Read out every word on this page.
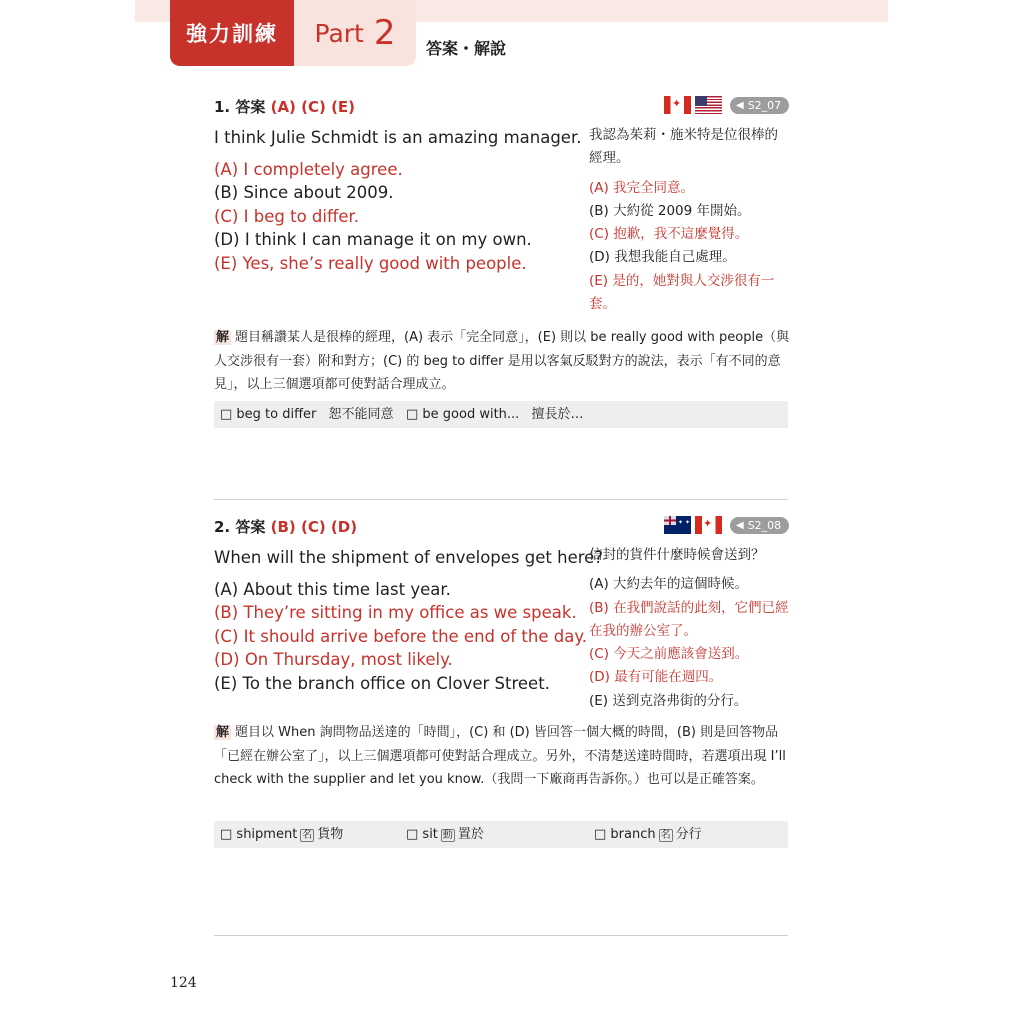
強力訓練 Part 2 答案・解說
1. 答案 (A) (C) (E) ✦	◀ S2_07
I think Julie Schmidt is an amazing manager.
(A) I completely agree.
(B) Since about 2009.
(C) I beg to differ.
(D) I think I can manage it on my own.
(E) Yes, she’s really good with people.
我認為茱莉・施米特是位很棒的經理。
(A) 我完全同意。
(B) 大約從 2009 年開始。
(C) 抱歉，我不這麼覺得。
(D) 我想我能自己處理。
(E) 是的，她對與人交涉很有一套。
解 題目稱讚某人是很棒的經理，(A) 表示「完全同意」，(E) 則以 be really good with people（與人交涉很有一套）附和對方；(C) 的 beg to differ 是用以客氣反駁對方的說法，表示「有不同的意見」，以上三個選項都可使對話合理成立。
□ beg to differ 恕不能同意 □ be good with... 擅長於…
2. 答案 (B) (C) (D) ✦ ✦ ✦	◀ S2_08
When will the shipment of envelopes get here?
(A) About this time last year.
(B) They’re sitting in my office as we speak.
(C) It should arrive before the end of the day.
(D) On Thursday, most likely.
(E) To the branch office on Clover Street.
信封的貨件什麼時候會送到？
(A) 大約去年的這個時候。
(B) 在我們說話的此刻，它們已經在我的辦公室了。
(C) 今天之前應該會送到。
(D) 最有可能在週四。
(E) 送到克洛弗街的分行。
解 題目以 When 詢問物品送達的「時間」，(C) 和 (D) 皆回答一個大概的時間，(B) 則是回答物品「已經在辦公室了」，以上三個選項都可使對話合理成立。另外，不清楚送達時間時，若選項出現 I’ll check with the supplier and let you know.（我問一下廠商再告訴你。）也可以是正確答案。
□ shipment 名 貨物	□ sit 動 置於	□ branch 名 分行
124
